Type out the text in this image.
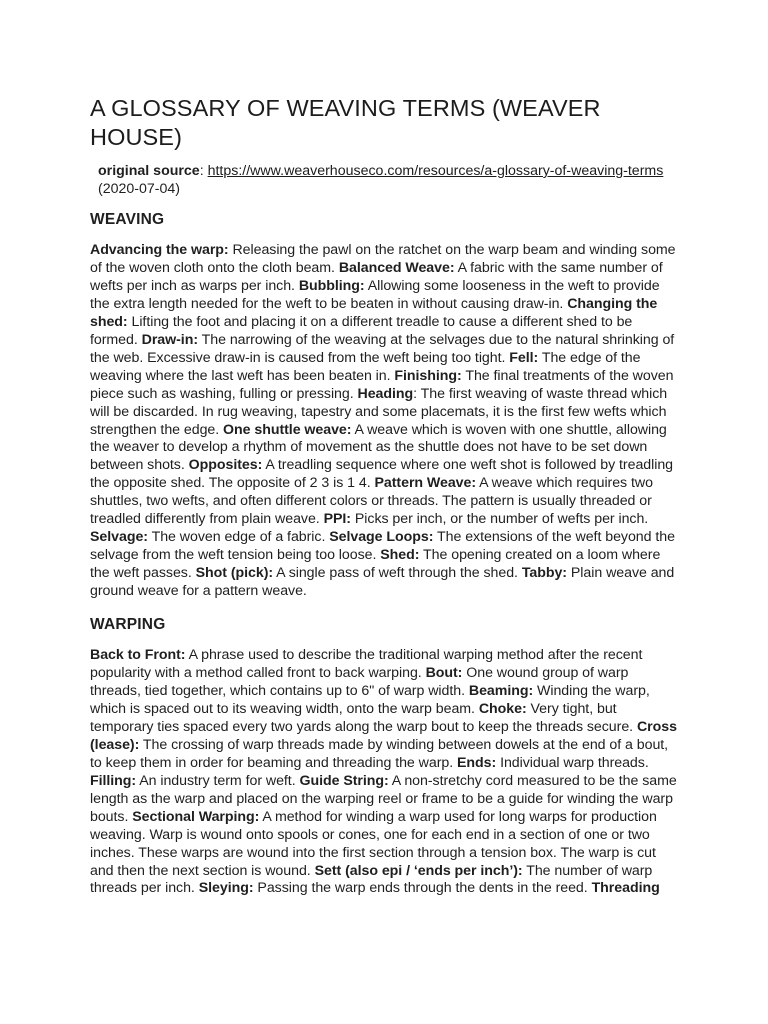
A GLOSSARY OF WEAVING TERMS (WEAVER HOUSE)

original source: https://www.weaverhouseco.com/resources/a-glossary-of-weaving-terms (2020-07-04)

WEAVING

Advancing the warp: Releasing the pawl on the ratchet on the warp beam and winding some of the woven cloth onto the cloth beam. Balanced Weave: A fabric with the same number of wefts per inch as warps per inch. Bubbling: Allowing some looseness in the weft to provide the extra length needed for the weft to be beaten in without causing draw-in. Changing the shed: Lifting the foot and placing it on a different treadle to cause a different shed to be formed. Draw-in: The narrowing of the weaving at the selvages due to the natural shrinking of the web. Excessive draw-in is caused from the weft being too tight. Fell: The edge of the weaving where the last weft has been beaten in. Finishing: The final treatments of the woven piece such as washing, fulling or pressing. Heading: The first weaving of waste thread which will be discarded. In rug weaving, tapestry and some placemats, it is the first few wefts which strengthen the edge. One shuttle weave: A weave which is woven with one shuttle, allowing the weaver to develop a rhythm of movement as the shuttle does not have to be set down between shots. Opposites: A treadling sequence where one weft shot is followed by treadling the opposite shed. The opposite of 2 3 is 1 4. Pattern Weave: A weave which requires two shuttles, two wefts, and often different colors or threads. The pattern is usually threaded or treadled differently from plain weave. PPI: Picks per inch, or the number of wefts per inch. Selvage: The woven edge of a fabric. Selvage Loops: The extensions of the weft beyond the selvage from the weft tension being too loose. Shed: The opening created on a loom where the weft passes. Shot (pick): A single pass of weft through the shed. Tabby: Plain weave and ground weave for a pattern weave.

WARPING

Back to Front: A phrase used to describe the traditional warping method after the recent popularity with a method called front to back warping. Bout: One wound group of warp threads, tied together, which contains up to 6" of warp width. Beaming: Winding the warp, which is spaced out to its weaving width, onto the warp beam. Choke: Very tight, but temporary ties spaced every two yards along the warp bout to keep the threads secure. Cross (lease): The crossing of warp threads made by winding between dowels at the end of a bout, to keep them in order for beaming and threading the warp. Ends: Individual warp threads. Filling: An industry term for weft. Guide String: A non-stretchy cord measured to be the same length as the warp and placed on the warping reel or frame to be a guide for winding the warp bouts. Sectional Warping: A method for winding a warp used for long warps for production weaving. Warp is wound onto spools or cones, one for each end in a section of one or two inches. These warps are wound into the first section through a tension box. The warp is cut and then the next section is wound. Sett (also epi / ‘ends per inch’): The number of warp threads per inch. Sleying: Passing the warp ends through the dents in the reed. Threading
